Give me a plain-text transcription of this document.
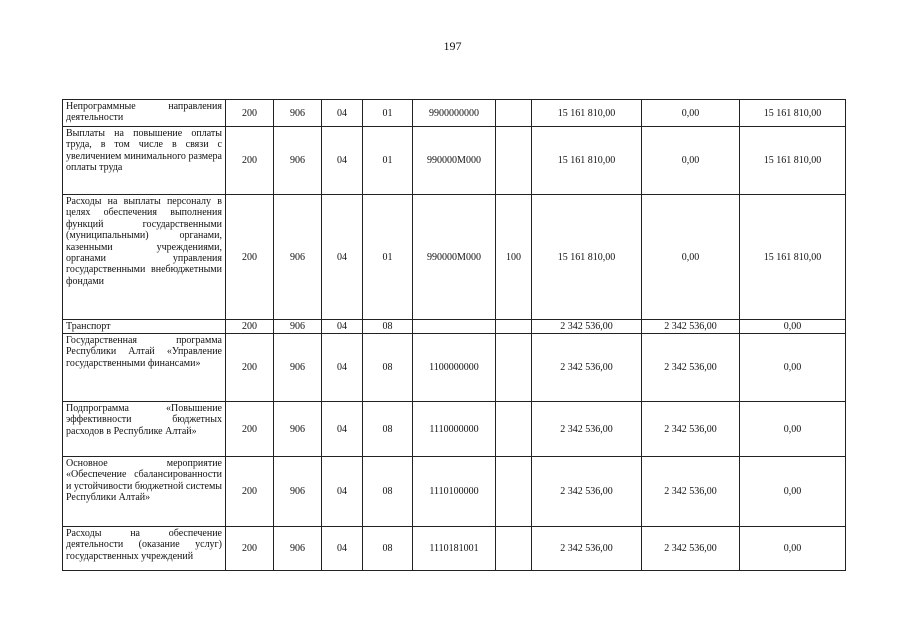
197
Непрограммные направления деятельности	200	906	04	01	9900000000		15 161 810,00	0,00	15 161 810,00
Выплаты на повышение оплаты труда, в том числе в связи с увеличением минимального размера оплаты труда	200	906	04	01	990000М000		15 161 810,00	0,00	15 161 810,00
Расходы на выплаты персоналу в целях обеспечения выполнения функций государственными (муниципальными) органами, казенными учреждениями, органами управления государственными внебюджетными фондами	200	906	04	01	990000М000	100	15 161 810,00	0,00	15 161 810,00
Транспорт	200	906	04	08			2 342 536,00	2 342 536,00	0,00
Государственная программа Республики Алтай «Управление государственными финансами»	200	906	04	08	1100000000		2 342 536,00	2 342 536,00	0,00
Подпрограмма «Повышение эффективности бюджетных расходов в Республике Алтай»	200	906	04	08	1110000000		2 342 536,00	2 342 536,00	0,00
Основное мероприятие «Обеспечение сбалансированности и устойчивости бюджетной системы Республики Алтай»	200	906	04	08	1110100000		2 342 536,00	2 342 536,00	0,00
Расходы на обеспечение деятельности (оказание услуг) государственных учреждений	200	906	04	08	1110181001		2 342 536,00	2 342 536,00	0,00
